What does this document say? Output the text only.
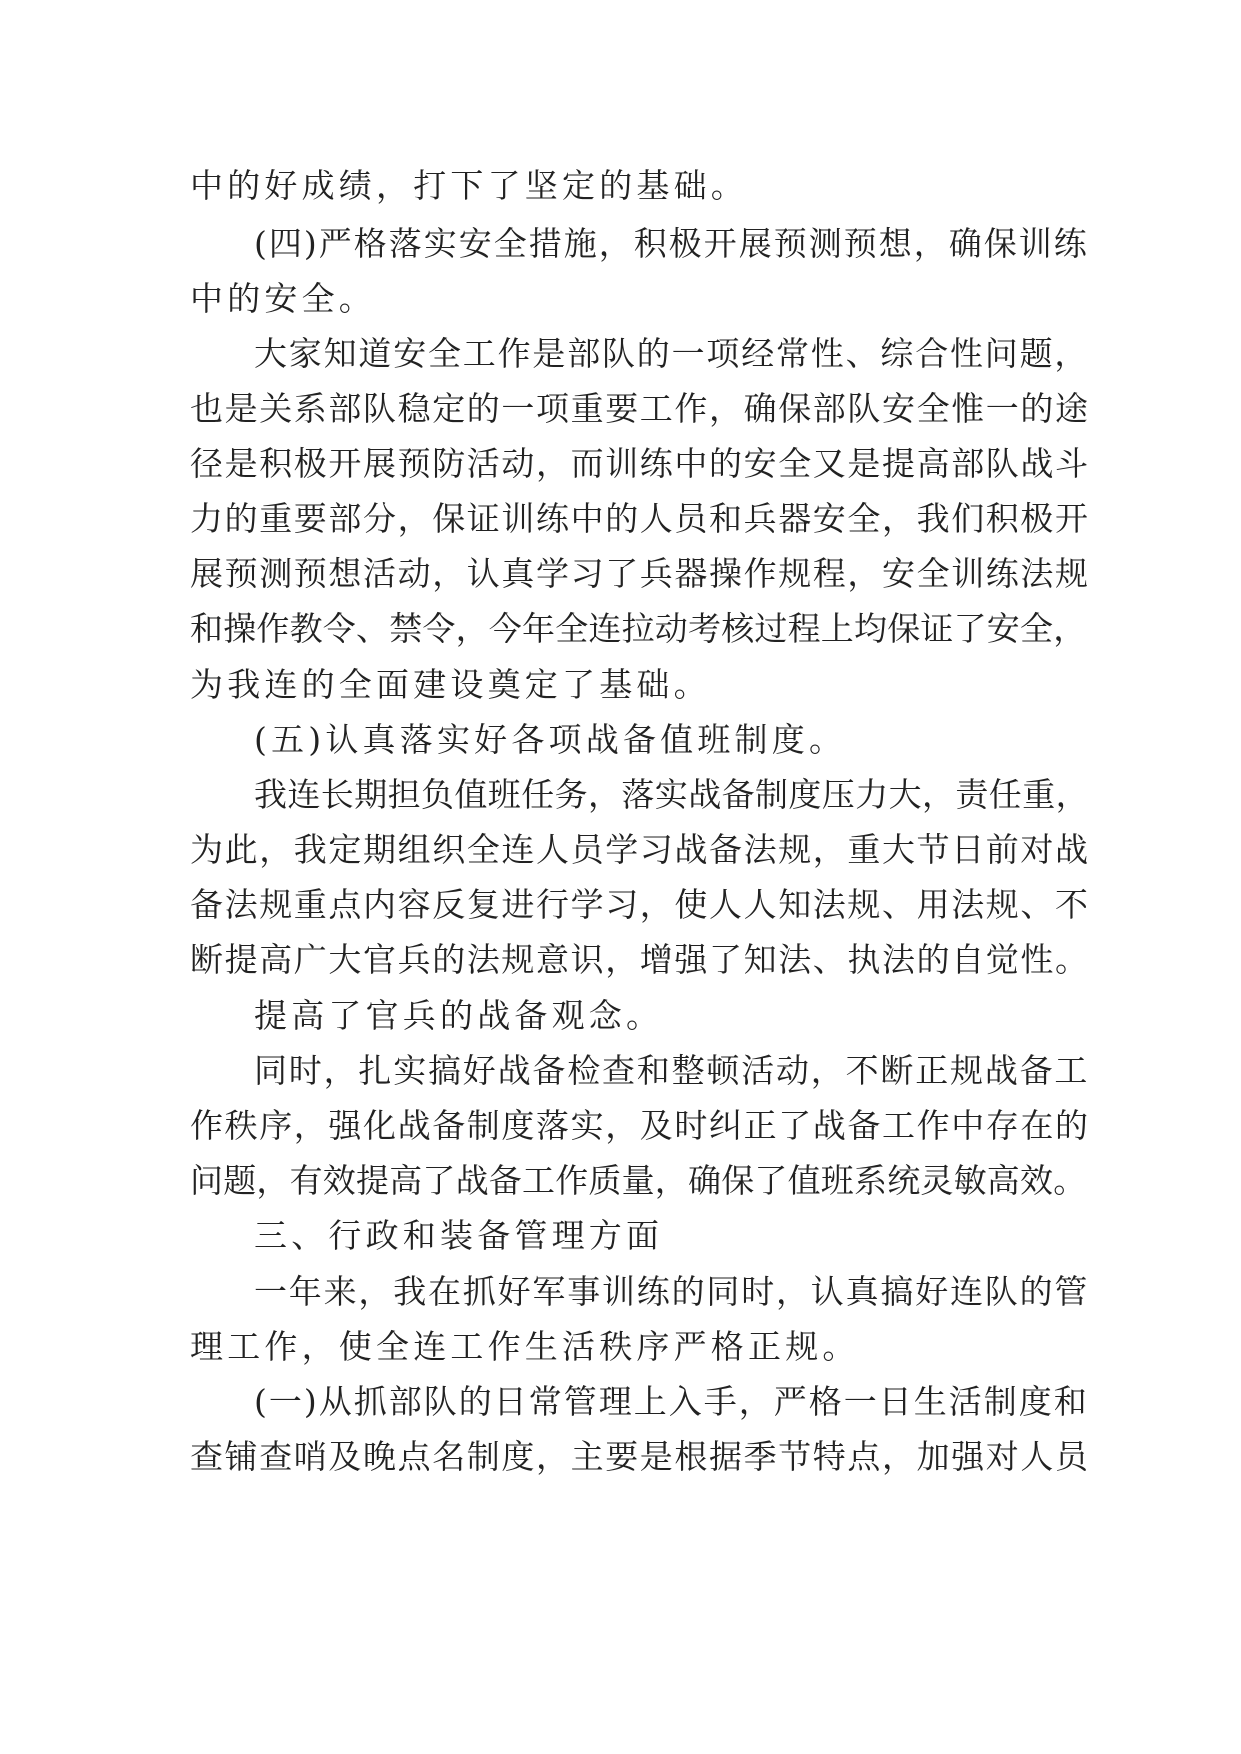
中的好成绩，打下了坚定的基础。
(四)严格落实安全措施，积极开展预测预想，确保训练
中的安全。
大家知道安全工作是部队的一项经常性、综合性问题，
也是关系部队稳定的一项重要工作，确保部队安全惟一的途
径是积极开展预防活动，而训练中的安全又是提高部队战斗
力的重要部分，保证训练中的人员和兵器安全，我们积极开
展预测预想活动，认真学习了兵器操作规程，安全训练法规
和操作教令、禁令，今年全连拉动考核过程上均保证了安全，
为我连的全面建设奠定了基础。
(五)认真落实好各项战备值班制度。
我连长期担负值班任务，落实战备制度压力大，责任重，
为此，我定期组织全连人员学习战备法规，重大节日前对战
备法规重点内容反复进行学习，使人人知法规、用法规、不
断提高广大官兵的法规意识，增强了知法、执法的自觉性。
提高了官兵的战备观念。
同时，扎实搞好战备检查和整顿活动，不断正规战备工
作秩序，强化战备制度落实，及时纠正了战备工作中存在的
问题，有效提高了战备工作质量，确保了值班系统灵敏高效。
三、行政和装备管理方面
一年来，我在抓好军事训练的同时，认真搞好连队的管
理工作，使全连工作生活秩序严格正规。
(一)从抓部队的日常管理上入手，严格一日生活制度和
查铺查哨及晚点名制度，主要是根据季节特点，加强对人员
